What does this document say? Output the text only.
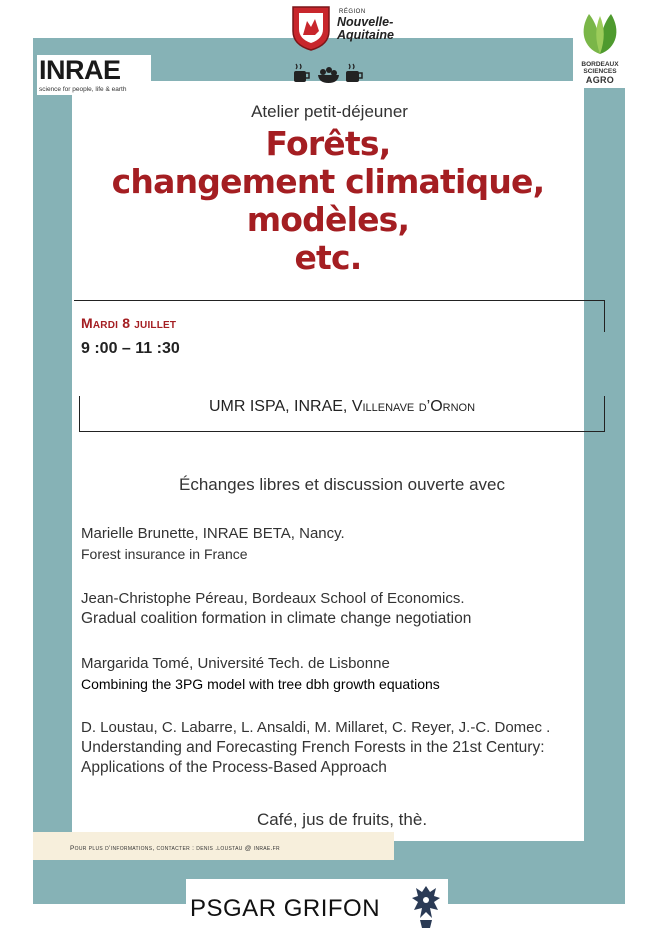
INRAE
science for people, life & earth
RÉGION
Nouvelle-
Aquitaine
BORDEAUX
SCIENCES
AGRO
Atelier petit-déjeuner
Forêts,
changement climatique,
modèles,
etc.
Mardi 8 juillet
9 :00 – 11 :30
UMR ISPA, INRAE, Villenave d’Ornon
Échanges libres et discussion ouverte avec
Marielle Brunette, INRAE BETA, Nancy.
Forest insurance in France
Jean-Christophe Péreau, Bordeaux School of Economics.
Gradual coalition formation in climate change negotiation
Margarida Tomé, Université Tech. de Lisbonne
Combining the 3PG model with tree dbh growth equations
D. Loustau, C. Labarre, L. Ansaldi, M. Millaret, C. Reyer, J.-C. Domec .
Understanding and Forecasting French Forests in the 21st Century:
Applications of the Process-Based Approach
Café, jus de fruits, thè.
Pour plus d’informations, contacter : denis .loustau @ inrae.fr
PSGAR GRIFON
